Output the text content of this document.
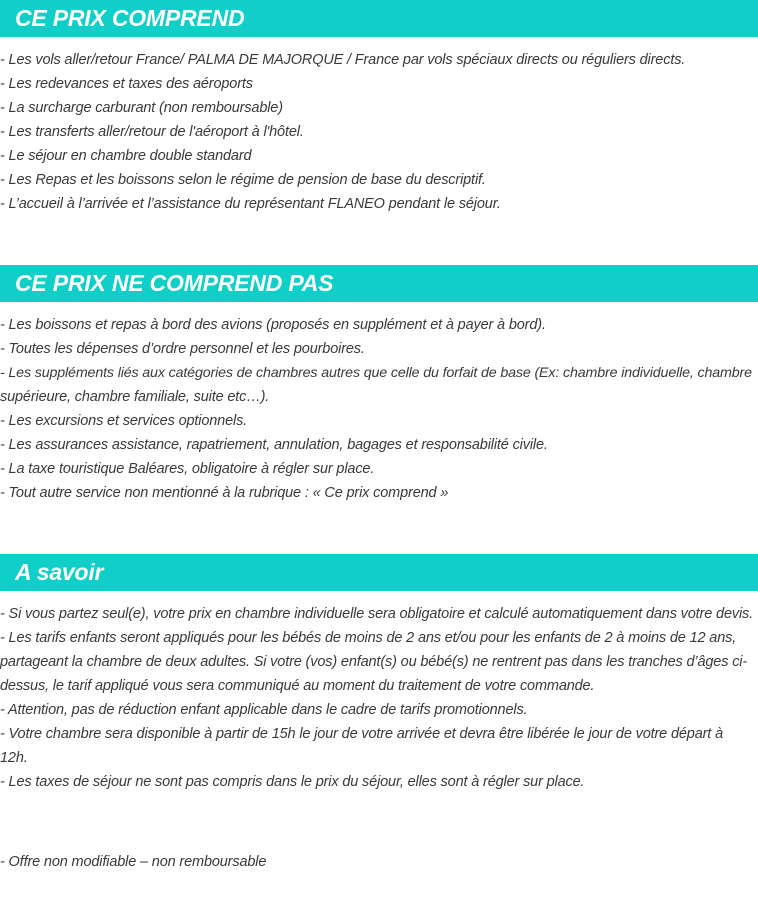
CE PRIX COMPREND
- Les vols aller/retour France/ PALMA DE MAJORQUE / France par vols spéciaux directs ou réguliers directs.
- Les redevances et taxes des aéroports
- La surcharge carburant (non remboursable)
- Les transferts aller/retour de l'aéroport à l'hôtel.
- Le séjour en chambre double standard
- Les Repas et les boissons selon le régime de pension de base du descriptif.
- L’accueil à l’arrivée et l’assistance du représentant FLANEO pendant le séjour.
CE PRIX NE COMPREND PAS
- Les boissons et repas à bord des avions (proposés en supplément et à payer à bord).
- Toutes les dépenses d’ordre personnel et les pourboires.
- Les suppléments liés aux catégories de chambres autres que celle du forfait de base (Ex: chambre individuelle, chambre
supérieure, chambre familiale, suite etc…).
- Les excursions et services optionnels.
- Les assurances assistance, rapatriement, annulation, bagages et responsabilité civile.
- La taxe touristique Baléares, obligatoire à régler sur place.
- Tout autre service non mentionné à la rubrique : « Ce prix comprend »
A savoir
- Si vous partez seul(e), votre prix en chambre individuelle sera obligatoire et calculé automatiquement dans votre devis.
- Les tarifs enfants seront appliqués pour les bébés de moins de 2 ans et/ou pour les enfants de 2 à moins de 12 ans,
partageant la chambre de deux adultes. Si votre (vos) enfant(s) ou bébé(s) ne rentrent pas dans les tranches d’âges ci-
dessus, le tarif appliqué vous sera communiqué au moment du traitement de votre commande.
- Attention, pas de réduction enfant applicable dans le cadre de tarifs promotionnels.
- Votre chambre sera disponible à partir de 15h le jour de votre arrivée et devra être libérée le jour de votre départ à
12h.
- Les taxes de séjour ne sont pas compris dans le prix du séjour, elles sont à régler sur place.
- Offre non modifiable – non remboursable
